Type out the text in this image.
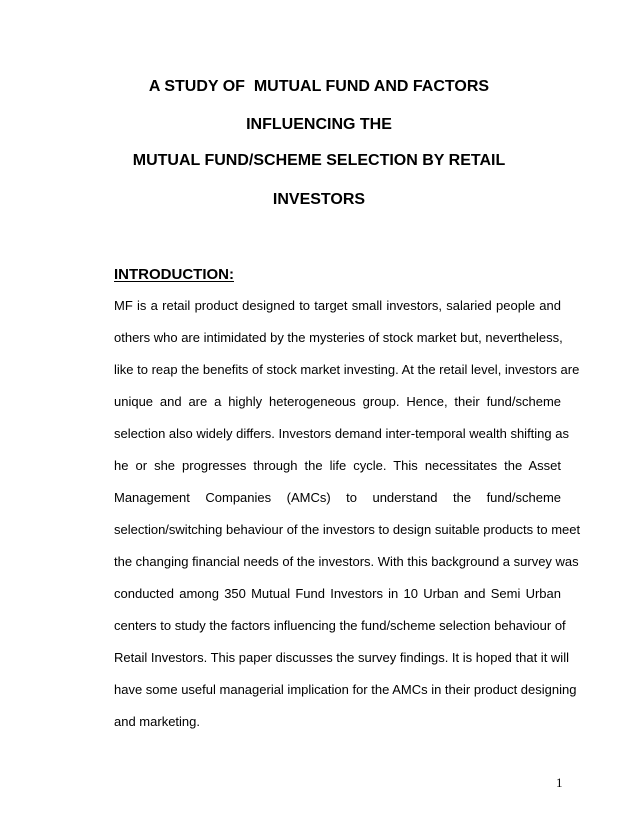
A STUDY OF  MUTUAL FUND AND FACTORS
INFLUENCING THE
MUTUAL FUND/SCHEME SELECTION BY RETAIL
INVESTORS
INTRODUCTION:
MF is a retail product designed to target small investors, salaried people and
others who are intimidated by the mysteries of stock market but, nevertheless,
like to reap the benefits of stock market investing. At the retail level, investors are
unique and are a highly heterogeneous group. Hence, their fund/scheme
selection also widely differs. Investors demand inter-temporal wealth shifting as
he or she progresses through the life cycle. This necessitates the Asset
Management Companies (AMCs) to understand the fund/scheme
selection/switching behaviour of the investors to design suitable products to meet
the changing financial needs of the investors. With this background a survey was
conducted among 350 Mutual Fund Investors in 10 Urban and Semi Urban
centers to study the factors influencing the fund/scheme selection behaviour of
Retail Investors. This paper discusses the survey findings. It is hoped that it will
have some useful managerial implication for the AMCs in their product designing
and marketing.
1
